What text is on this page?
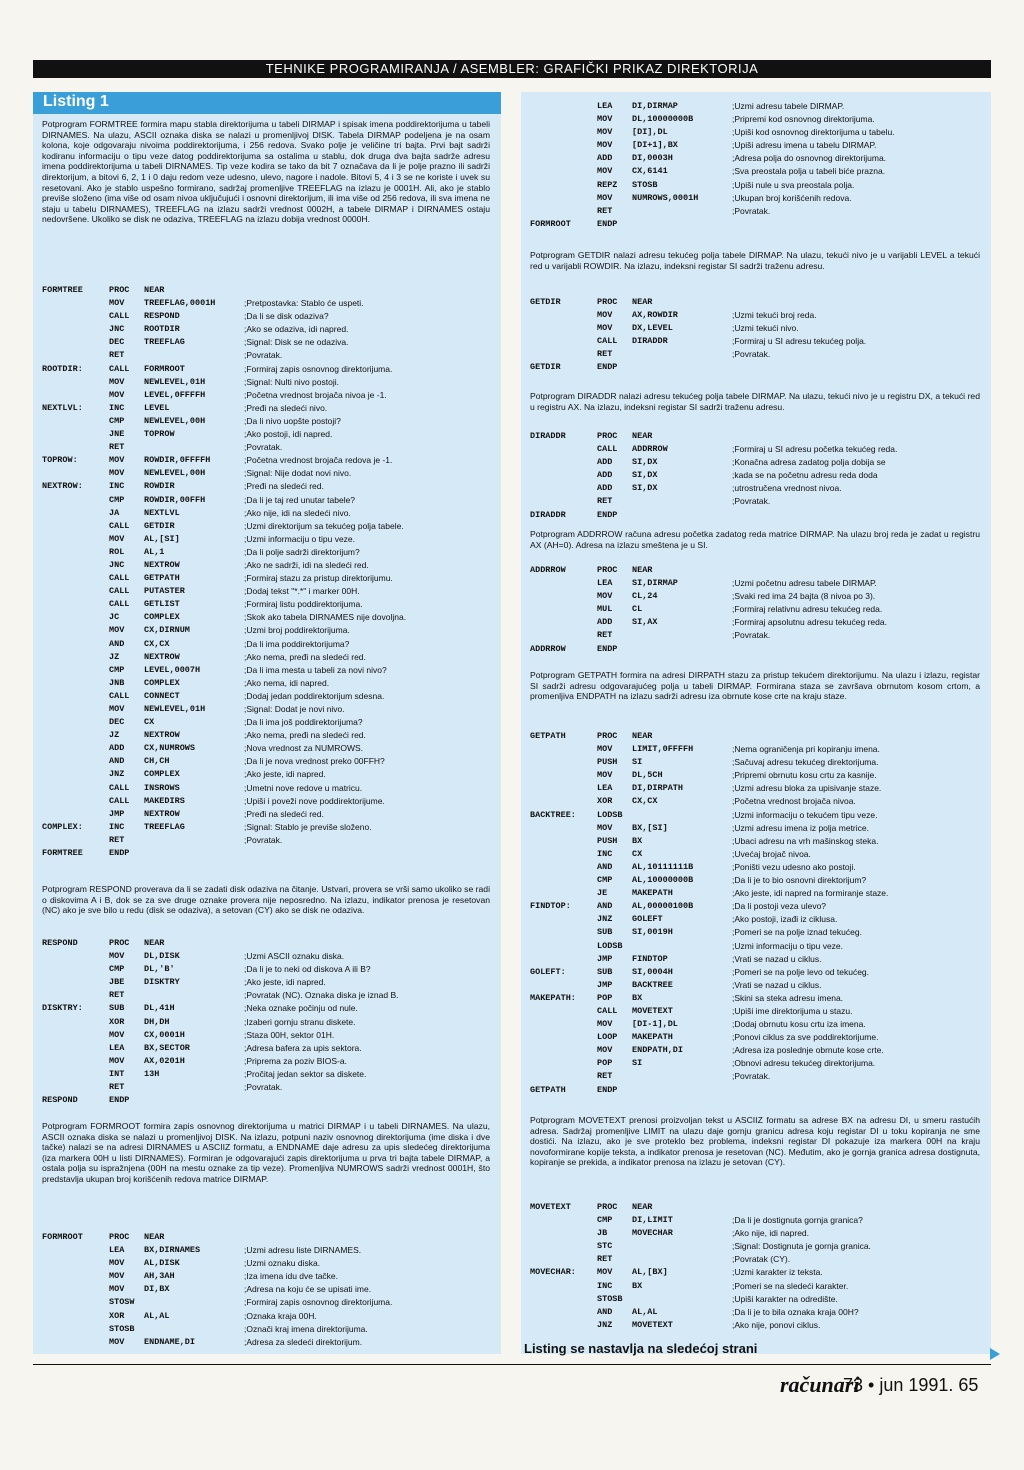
TEHNIKE PROGRAMIRANJA / ASEMBLER: GRAFIČKI PRIKAZ DIREKTORIJA
Listing 1
Potprogram FORMTREE formira mapu stabla direktorijuma u tabeli DIRMAP i spisak imena poddirektorijuma u tabeli DIRNAMES. Na ulazu, ASCII oznaka diska se nalazi u promenljivoj DISK. Tabela DIRMAP podeljena je na osam kolona, koje odgovaraju nivoima poddirektorijuma, i 256 redova. Svako polje je veličine tri bajta. Prvi bajt sadrži kodiranu informaciju o tipu veze datog poddirektorijuma sa ostalima u stablu, dok druga dva bajta sadrže adresu imena poddirektorijuma u tabeli DIRNAMES. Tip veze kodira se tako da bit 7 označava da li je polje prazno ili sadrži direktorijum, a bitovi 6, 2, 1 i 0 daju redom veze udesno, ulevo, nagore i nadole. Bitovi 5, 4 i 3 se ne koriste i uvek su resetovani. Ako je stablo uspešno formirano, sadržaj promenljive TREEFLAG na izlazu je 0001H. Ali, ako je stablo previše složeno (ima više od osam nivoa uključujući i osnovni direktorijum, ili ima više od 256 redova, ili sva imena ne staju u tabelu DIRNAMES), TREEFLAG na izlazu sadrži vrednost 0002H, a tabele DIRMAP i DIRNAMES ostaju nedovršene. Ukoliko se disk ne odaziva, TREEFLAG na izlazu dobija vrednost 0000H.
FORMTREE	PROC NEAR
MOV TREEFLAG,0001H	;Pretpostavka: Stablo će uspeti.
CALL RESPOND	;Da li se disk odaziva?
JNC ROOTDIR	;Ako se odaziva, idi napred.
DEC TREEFLAG	;Signal: Disk se ne odaziva.
RET	;Povratak.
ROOTDIR:	CALL FORMROOT	;Formiraj zapis osnovnog direktorijuma.
MOV NEWLEVEL,01H	;Signal: Nulti nivo postoji.
MOV LEVEL,0FFFFH	;Početna vrednost brojača nivoa je -1.
NEXTLVL:	INC LEVEL	;Pređi na sledeći nivo.
CMP NEWLEVEL,00H	;Da li nivo uopšte postoji?
JNE TOPROW	;Ako postoji, idi napred.
RET	;Povratak.
TOPROW:	MOV ROWDIR,0FFFFH	;Početna vrednost brojača redova je -1.
MOV NEWLEVEL,00H	;Signal: Nije dodat novi nivo.
NEXTROW:	INC ROWDIR	;Pređi na sledeći red.
CMP ROWDIR,00FFH	;Da li je taj red unutar tabele?
JA	NEXTLVL	;Ako nije, idi na sledeći nivo.
CALL GETDIR	;Uzmi direktorijum sa tekućeg polja tabele.
MOV AL,[SI]	;Uzmi informaciju o tipu veze.
ROL AL,1	;Da li polje sadrži direktorijum?
JNC NEXTROW	;Ako ne sadrži, idi na sledeći red.
CALL GETPATH	;Formiraj stazu za pristup direktorijumu.
CALL PUTASTER	;Dodaj tekst "*.*" i marker 00H.
CALL GETLIST	;Formiraj listu poddirektorijuma.
JC	COMPLEX	;Skok ako tabela DIRNAMES nije dovoljna.
MOV CX,DIRNUM	;Uzmi broj poddirektorijuma.
AND CX,CX	;Da li ima poddirektorijuma?
JZ	NEXTROW	;Ako nema, pređi na sledeći red.
CMP LEVEL,0007H	;Da li ima mesta u tabeli za novi nivo?
JNB COMPLEX	;Ako nema, idi napred.
CALL CONNECT	;Dodaj jedan poddirektorijum sdesna.
MOV NEWLEVEL,01H	;Signal: Dodat je novi nivo.
DEC CX	;Da li ima još poddirektorijuma?
JZ	NEXTROW	;Ako nema, pređi na sledeći red.
ADD CX,NUMROWS	;Nova vrednost za NUMROWS.
AND CH,CH	;Da li je nova vrednost preko 00FFH?
JNZ COMPLEX	;Ako jeste, idi napred.
CALL INSROWS	;Umetni nove redove u matricu.
CALL MAKEDIRS	;Upiši i poveži nove poddirektorijume.
JMP NEXTROW	;Pređi na sledeći red.
COMPLEX:	INC TREEFLAG	;Signal: Stablo je previše složeno.
RET	;Povratak.
FORMTREE	ENDP
Potprogram RESPOND proverava da li se zadati disk odaziva na čitanje. Ustvari, provera se vrši samo ukoliko se radi o diskovima A i B, dok se za sve druge oznake provera nije neposredno. Na izlazu, indikator prenosa je resetovan (NC) ako je sve bilo u redu (disk se odaziva), a setovan (CY) ako se disk ne odaziva.
RESPOND	PROC NEAR
MOV DL,DISK	;Uzmi ASCII oznaku diska.
CMP DL,'B'	;Da li je to neki od diskova A ili B?
JBE DISKTRY	;Ako jeste, idi napred.
RET	;Povratak (NC). Oznaka diska je iznad B.
DISKTRY:	SUB DL,41H	;Neka oznake počinju od nule.
XOR DH,DH	;Izaberi gornju stranu diskete.
MOV CX,0001H	;Staza 00H, sektor 01H.
LEA BX,SECTOR	;Adresa bafera za upis sektora.
MOV AX,0201H	;Priprema za poziv BIOS-a.
INT 13H	;Pročitaj jedan sektor sa diskete.
RET	;Povratak.
RESPOND	ENDP
Potprogram FORMROOT formira zapis osnovnog direktorijuma u matrici DIRMAP i u tabeli DIRNAMES. Na ulazu, ASCII oznaka diska se nalazi u promenljivoj DISK. Na izlazu, potpuni naziv osnovnog direktorijuma (ime diska i dve tačke) nalazi se na adresi DIRNAMES u ASCIIZ formatu, a ENDNAME daje adresu za upis sledećeg direktorijuma (iza markera 00H u listi DIRNAMES). Formiran je odgovarajući zapis direktorijuma u prva tri bajta tabele DIRMAP, a ostala polja su ispražnjena (00H na mestu oznake za tip veze). Promenljiva NUMROWS sadrži vrednost 0001H, što predstavlja ukupan broj korišćenih redova matrice DIRMAP.
FORMROOT	PROC NEAR
LEA BX,DIRNAMES	;Uzmi adresu liste DIRNAMES.
MOV AL,DISK	;Uzmi oznaku diska.
MOV AH,3AH	;Iza imena idu dve tačke.
MOV DI,BX	;Adresa na koju će se upisati ime.
STOSW	;Formiraj zapis osnovnog direktorijuma.
XOR AL,AL	;Oznaka kraja 00H.
STOSB	;Označi kraj imena direktorijuma.
MOV ENDNAME,DI	;Adresa za sledeći direktorijum.
LEA DI,DIRMAP	;Uzmi adresu tabele DIRMAP.
MOV DL,10000000B	;Pripremi kod osnovnog direktorijuma.
MOV [DI],DL	;Upiši kod osnovnog direktorijuma u tabelu.
MOV [DI+1],BX	;Upiši adresu imena u tabelu DIRMAP.
ADD DI,0003H	;Adresa polja do osnovnog direktorijuma.
MOV CX,6141	;Sva preostala polja u tabeli biće prazna.
REPZ STOSB	;Upiši nule u sva preostala polja.
MOV NUMROWS,0001H	;Ukupan broj korišćenih redova.
RET	;Povratak.
FORMROOT	ENDP
Potprogram GETDIR nalazi adresu tekućeg polja tabele DIRMAP. Na ulazu, tekući nivo je u varijabli LEVEL a tekući red u varijabli ROWDIR. Na izlazu, indeksni registar SI sadrži traženu adresu.
GETDIR	PROC NEAR
MOV AX,ROWDIR	;Uzmi tekući broj reda.
MOV DX,LEVEL	;Uzmi tekući nivo.
CALL DIRADDR	;Formiraj u SI adresu tekućeg polja.
RET	;Povratak.
GETDIR	ENDP
Potprogram DIRADDR nalazi adresu tekućeg polja tabele DIRMAP. Na ulazu, tekući nivo je u registru DX, a tekući red u registru AX. Na izlazu, indeksni registar SI sadrži traženu adresu.
DIRADDR	PROC NEAR
CALL ADDRROW	;Formiraj u SI adresu početka tekućeg reda.
ADD SI,DX	;Konačna adresa zadatog polja dobija se
ADD SI,DX	;kada se na početnu adresu reda doda
ADD SI,DX	;utrostručena vrednost nivoa.
RET	;Povratak.
DIRADDR	ENDP
Potprogram ADDRROW računa adresu početka zadatog reda matrice DIRMAP. Na ulazu broj reda je zadat u registru AX (AH=0). Adresa na izlazu smeštena je u SI.
ADDRROW	PROC NEAR
LEA SI,DIRMAP	;Uzmi početnu adresu tabele DIRMAP.
MOV CL,24	;Svaki red ima 24 bajta (8 nivoa po 3).
MUL CL	;Formiraj relativnu adresu tekućeg reda.
ADD SI,AX	;Formiraj apsolutnu adresu tekućeg reda.
RET	;Povratak.
ADDRROW	ENDP
Potprogram GETPATH formira na adresi DIRPATH stazu za pristup tekućem direktorijumu. Na ulazu i izlazu, registar SI sadrži adresu odgovarajućeg polja u tabeli DIRMAP. Formirana staza se završava obrnutom kosom crtom, a promenljiva ENDPATH na izlazu sadrži adresu iza obrnute kose crte na kraju staze.
GETPATH	PROC NEAR
MOV LIMIT,0FFFFH	;Nema ograničenja pri kopiranju imena.
PUSH SI	;Sačuvaj adresu tekućeg direktorijuma.
MOV DL,5CH	;Pripremi obrnutu kosu crtu za kasnije.
LEA DI,DIRPATH	;Uzmi adresu bloka za upisivanje staze.
XOR CX,CX	;Početna vrednost brojača nivoa.
BACKTREE: LODSB	;Uzmi informaciju o tekućem tipu veze.
MOV BX,[SI]	;Uzmi adresu imena iz polja metrice.
PUSH BX	;Ubaci adresu na vrh mašinskog steka.
INC CX	;Uvećaj brojač nivoa.
AND AL,10111111B	;Poništi vezu udesno ako postoji.
CMP AL,10000000B	;Da li je to bio osnovni direktorijum?
JE	MAKEPATH	;Ako jeste, idi napred na formiranje staze.
FINDTOP:	AND AL,00000100B	;Da li postoji veza ulevo?
JNZ GOLEFT	;Ako postoji, izađi iz ciklusa.
SUB SI,0019H	;Pomeri se na polje iznad tekućeg.
LODSB	;Uzmi informaciju o tipu veze.
JMP FINDTOP	;Vrati se nazad u ciklus.
GOLEFT:	SUB SI,0004H	;Pomeri se na polje levo od tekućeg.
JMP BACKTREE	;Vrati se nazad u ciklus.
MAKEPATH: POP BX	;Skini sa steka adresu imena.
CALL MOVETEXT	;Upiši ime direktorijuma u stazu.
MOV [DI-1],DL	;Dodaj obrnutu kosu crtu iza imena.
LOOP MAKEPATH	;Ponovi ciklus za sve poddirektorijume.
MOV ENDPATH,DI	;Adresa iza poslednje obrnute kose crte.
POP SI	;Obnovi adresu tekućeg direktorijuma.
RET	;Povratak.
GETPATH	ENDP
Potprogram MOVETEXT prenosi proizvoljan tekst u ASCIIZ formatu sa adrese BX na adresu DI, u smeru rastućih adresa. Sadržaj promenljive LIMIT na ulazu daje gornju granicu adresa koju registar DI u toku kopiranja ne sme dostići. Na izlazu, ako je sve proteklo bez problema, indeksni registar DI pokazuje iza markera 00H na kraju novoformirane kopije teksta, a indikator prenosa je resetovan (NC). Međutim, ako je gornja granica adresa dostignuta, kopiranje se prekida, a indikator prenosa na izlazu je setovan (CY).
MOVETEXT	PROC NEAR
CMP DI,LIMIT	;Da li je dostignuta gornja granica?
JB	MOVECHAR	;Ako nije, idi napred.
STC	;Signal: Dostignuta je gornja granica.
RET	;Povratak (CY).
MOVECHAR: MOV AL,[BX]	;Uzmi karakter iz teksta.
INC BX	;Pomeri se na sledeći karakter.
STOSB	;Upiši karakter na odredište.
AND AL,AL	;Da li je to bila oznaka kraja 00H?
JNZ MOVETEXT	;Ako nije, ponovi ciklus.
Listing se nastavlja na sledećoj strani
računari
73 • jun 1991. 65
